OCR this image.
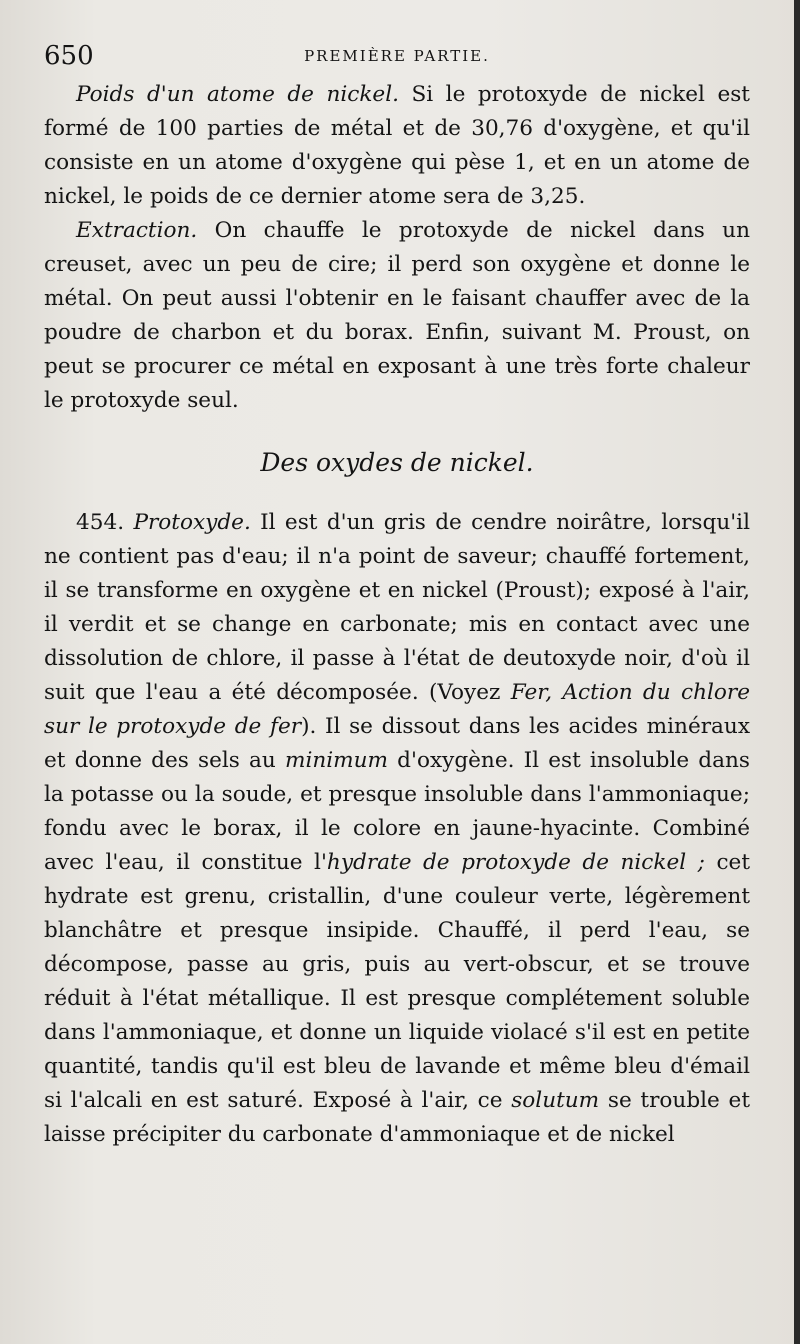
650	PREMIÈRE PARTIE.

Poids d'un atome de nickel. Si le protoxyde de nickel est formé de 100 parties de métal et de 30,76 d'oxygène, et qu'il consiste en un atome d'oxygène qui pèse 1, et en un atome de nickel, le poids de ce dernier atome sera de 3,25.

Extraction. On chauffe le protoxyde de nickel dans un creuset, avec un peu de cire; il perd son oxygène et donne le métal. On peut aussi l'obtenir en le faisant chauffer avec de la poudre de charbon et du borax. Enfin, suivant M. Proust, on peut se procurer ce métal en exposant à une très forte chaleur le protoxyde seul.

Des oxydes de nickel.

454. Protoxyde. Il est d'un gris de cendre noirâtre, lorsqu'il ne contient pas d'eau; il n'a point de saveur; chauffé fortement, il se transforme en oxygène et en nickel (Proust); exposé à l'air, il verdit et se change en carbonate; mis en contact avec une dissolution de chlore, il passe à l'état de deutoxyde noir, d'où il suit que l'eau a été décomposée. (Voyez Fer, Action du chlore sur le protoxyde de fer). Il se dissout dans les acides minéraux et donne des sels au minimum d'oxygène. Il est insoluble dans la potasse ou la soude, et presque insoluble dans l'ammoniaque; fondu avec le borax, il le colore en jaune-hyacinte. Combiné avec l'eau, il constitue l'hydrate de protoxyde de nickel ; cet hydrate est grenu, cristallin, d'une couleur verte, légèrement blanchâtre et presque insipide. Chauffé, il perd l'eau, se décompose, passe au gris, puis au vert-obscur, et se trouve réduit à l'état métallique. Il est presque complétement soluble dans l'ammoniaque, et donne un liquide violacé s'il est en petite quantité, tandis qu'il est bleu de lavande et même bleu d'émail si l'alcali en est saturé. Exposé à l'air, ce solutum se trouble et laisse précipiter du carbonate d'ammoniaque et de nickel
